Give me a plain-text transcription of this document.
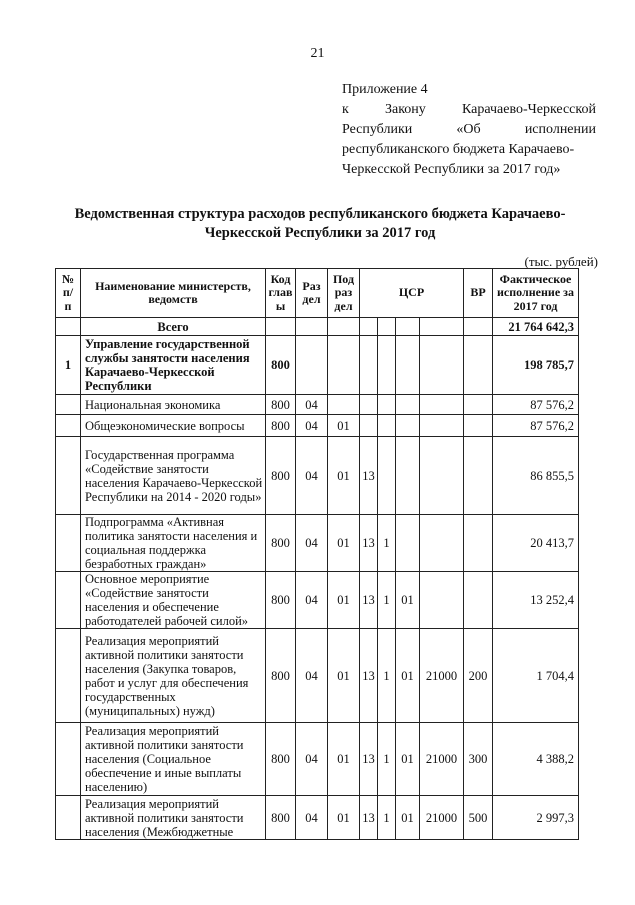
21
Приложение 4
к	Закону	Карачаево-Черкесской
Республики	«Об	исполнении
республиканского бюджета Карачаево-
Черкесской Республики за 2017 год»
Ведомственная структура расходов республиканского бюджета Карачаево-
Черкесской Республики за 2017 год
(тыс. рублей)
№ п/ п	Наименование министерств, ведомств	Код глав ы	Раз дел	Под раз дел	ЦСР				ВР	Фактическое исполнение за 2017 год
	Всего									21 764 642,3
1	Управление государственной службы занятости населения Карачаево-Черкесской Республики	800								198 785,7
	Национальная экономика	800	04							87 576,2
	Общеэкономические вопросы	800	04	01						87 576,2
	Государственная программа «Содействие занятости населения Карачаево-Черкесской Республики на 2014 - 2020 годы»	800	04	01	13					86 855,5
	Подпрограмма «Активная политика занятости населения и социальная поддержка безработных граждан»	800	04	01	13	1				20 413,7
	Основное мероприятие «Содействие занятости населения и обеспечение работодателей рабочей силой»	800	04	01	13	1	01			13 252,4
	Реализация мероприятий активной политики занятости населения (Закупка товаров, работ и услуг для обеспечения государственных (муниципальных) нужд)	800	04	01	13	1	01	21000	200	1 704,4
	Реализация мероприятий активной политики занятости населения (Социальное обеспечение и иные выплаты населению)	800	04	01	13	1	01	21000	300	4 388,2
	Реализация мероприятий активной политики занятости населения (Межбюджетные	800	04	01	13	1	01	21000	500	2 997,3
